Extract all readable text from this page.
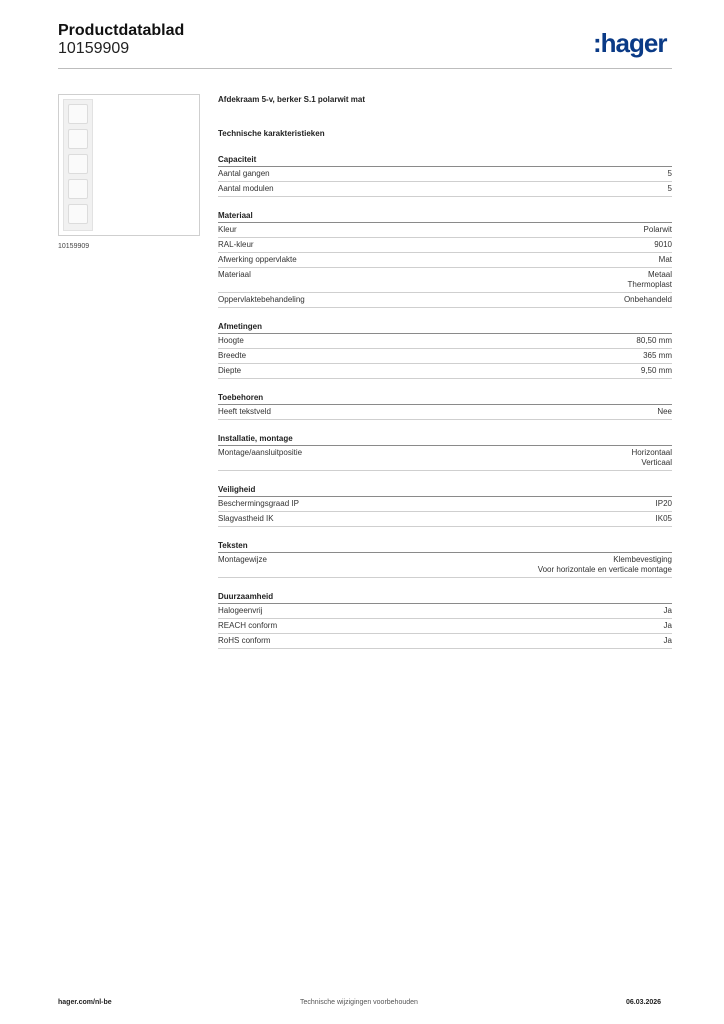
Productdatablad
10159909	:hager
10159909
Afdekraam 5-v, berker S.1 polarwit mat
Technische karakteristieken
Capaciteit
Aantal gangen	5
Aantal modulen	5
Materiaal
Kleur	Polarwit
RAL-kleur	9010
Afwerking oppervlakte	Mat
Materiaal	Metaal
Thermoplast
Oppervlaktebehandeling	Onbehandeld
Afmetingen
Hoogte	80,50 mm
Breedte	365 mm
Diepte	9,50 mm
Toebehoren
Heeft tekstveld	Nee
Installatie, montage
Montage/aansluitpositie	Horizontaal
Verticaal
Veiligheid
Beschermingsgraad IP	IP20
Slagvastheid IK	IK05
Teksten
Montagewijze	Klembevestiging
Voor horizontale en verticale montage
Duurzaamheid
Halogeenvrij	Ja
REACH conform	Ja
RoHS conform	Ja
hager.com/nl-be	Technische wijzigingen voorbehouden	06.03.2026
